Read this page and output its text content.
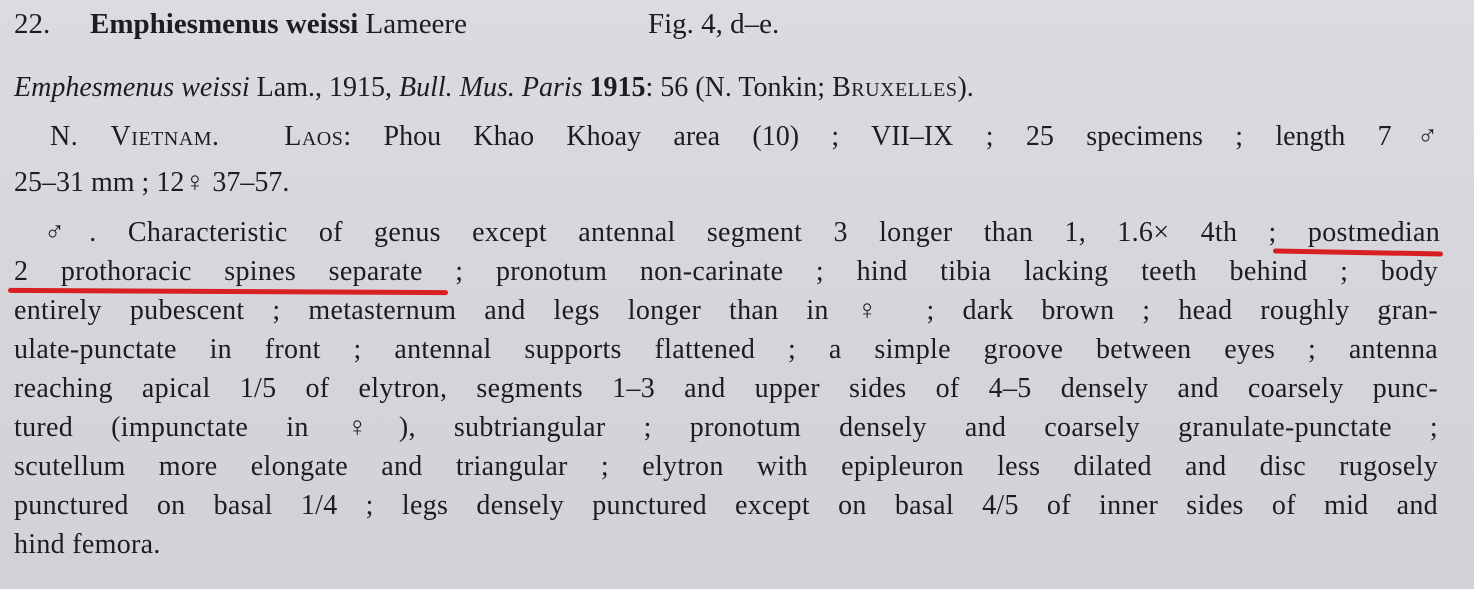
22. Emphiesmenus weissi Lameere	Fig. 4, d–e.
Emphesmenus weissi Lam., 1915, Bull. Mus. Paris 1915: 56 (N. Tonkin; Bruxelles).
N. Vietnam. Laos: Phou Khao Khoay area (10) ; VII–IX ; 25 specimens ; length 7♂
25–31 mm ; 12♀ 37–57.
♂. Characteristic of genus except antennal segment 3 longer than 1, 1.6× 4th ; postmedian
2 prothoracic spines separate ; pronotum non-carinate ; hind tibia lacking teeth behind ; body
entirely pubescent ; metasternum and legs longer than in ♀ ; dark brown ; head roughly gran-
ulate-punctate in front ; antennal supports flattened ; a simple groove between eyes ; antenna
reaching apical 1/5 of elytron, segments 1–3 and upper sides of 4–5 densely and coarsely punc-
tured (impunctate in ♀), subtriangular ; pronotum densely and coarsely granulate-punctate ;
scutellum more elongate and triangular ; elytron with epipleuron less dilated and disc rugosely
punctured on basal 1/4 ; legs densely punctured except on basal 4/5 of inner sides of mid and
hind femora.
